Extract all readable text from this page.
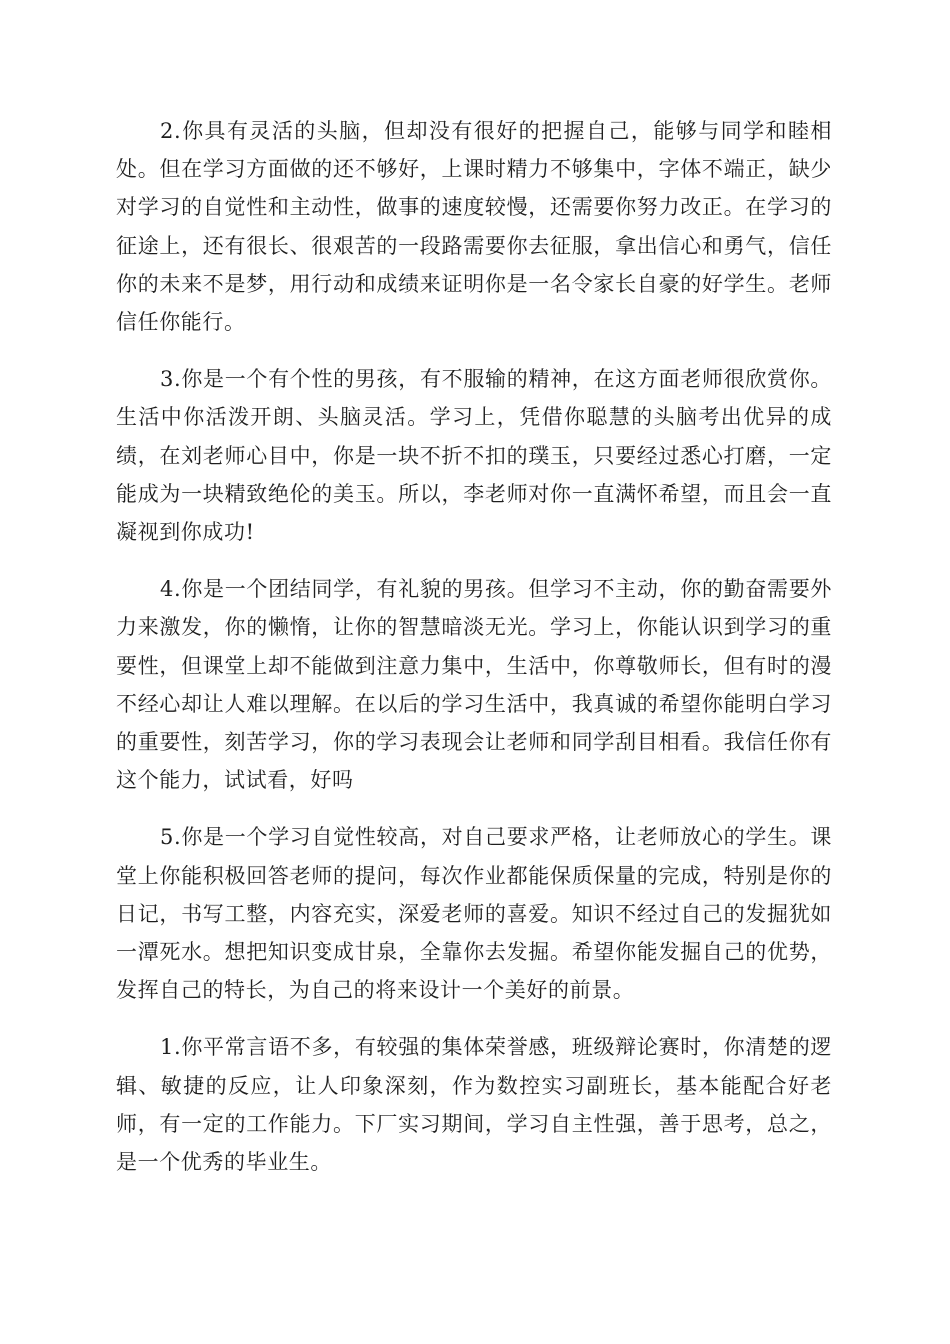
2.你具有灵活的头脑，但却没有很好的把握自己，能够与同学和睦相处。但在学习方面做的还不够好，上课时精力不够集中，字体不端正，缺少对学习的自觉性和主动性，做事的速度较慢，还需要你努力改正。在学习的征途上，还有很长、很艰苦的一段路需要你去征服，拿出信心和勇气，信任你的未来不是梦，用行动和成绩来证明你是一名令家长自豪的好学生。老师信任你能行。

3.你是一个有个性的男孩，有不服输的精神，在这方面老师很欣赏你。生活中你活泼开朗、头脑灵活。学习上，凭借你聪慧的头脑考出优异的成绩，在刘老师心目中，你是一块不折不扣的璞玉，只要经过悉心打磨，一定能成为一块精致绝伦的美玉。所以，李老师对你一直满怀希望，而且会一直凝视到你成功!

4.你是一个团结同学，有礼貌的男孩。但学习不主动，你的勤奋需要外力来激发，你的懒惰，让你的智慧暗淡无光。学习上，你能认识到学习的重要性，但课堂上却不能做到注意力集中，生活中，你尊敬师长，但有时的漫不经心却让人难以理解。在以后的学习生活中，我真诚的希望你能明白学习的重要性，刻苦学习，你的学习表现会让老师和同学刮目相看。我信任你有这个能力，试试看，好吗

5.你是一个学习自觉性较高，对自己要求严格，让老师放心的学生。课堂上你能积极回答老师的提问，每次作业都能保质保量的完成，特别是你的日记，书写工整，内容充实，深爱老师的喜爱。知识不经过自己的发掘犹如一潭死水。想把知识变成甘泉，全靠你去发掘。希望你能发掘自己的优势，发挥自己的特长，为自己的将来设计一个美好的前景。

1.你平常言语不多，有较强的集体荣誉感，班级辩论赛时，你清楚的逻辑、敏捷的反应，让人印象深刻，作为数控实习副班长，基本能配合好老师，有一定的工作能力。下厂实习期间，学习自主性强，善于思考，总之，是一个优秀的毕业生。
